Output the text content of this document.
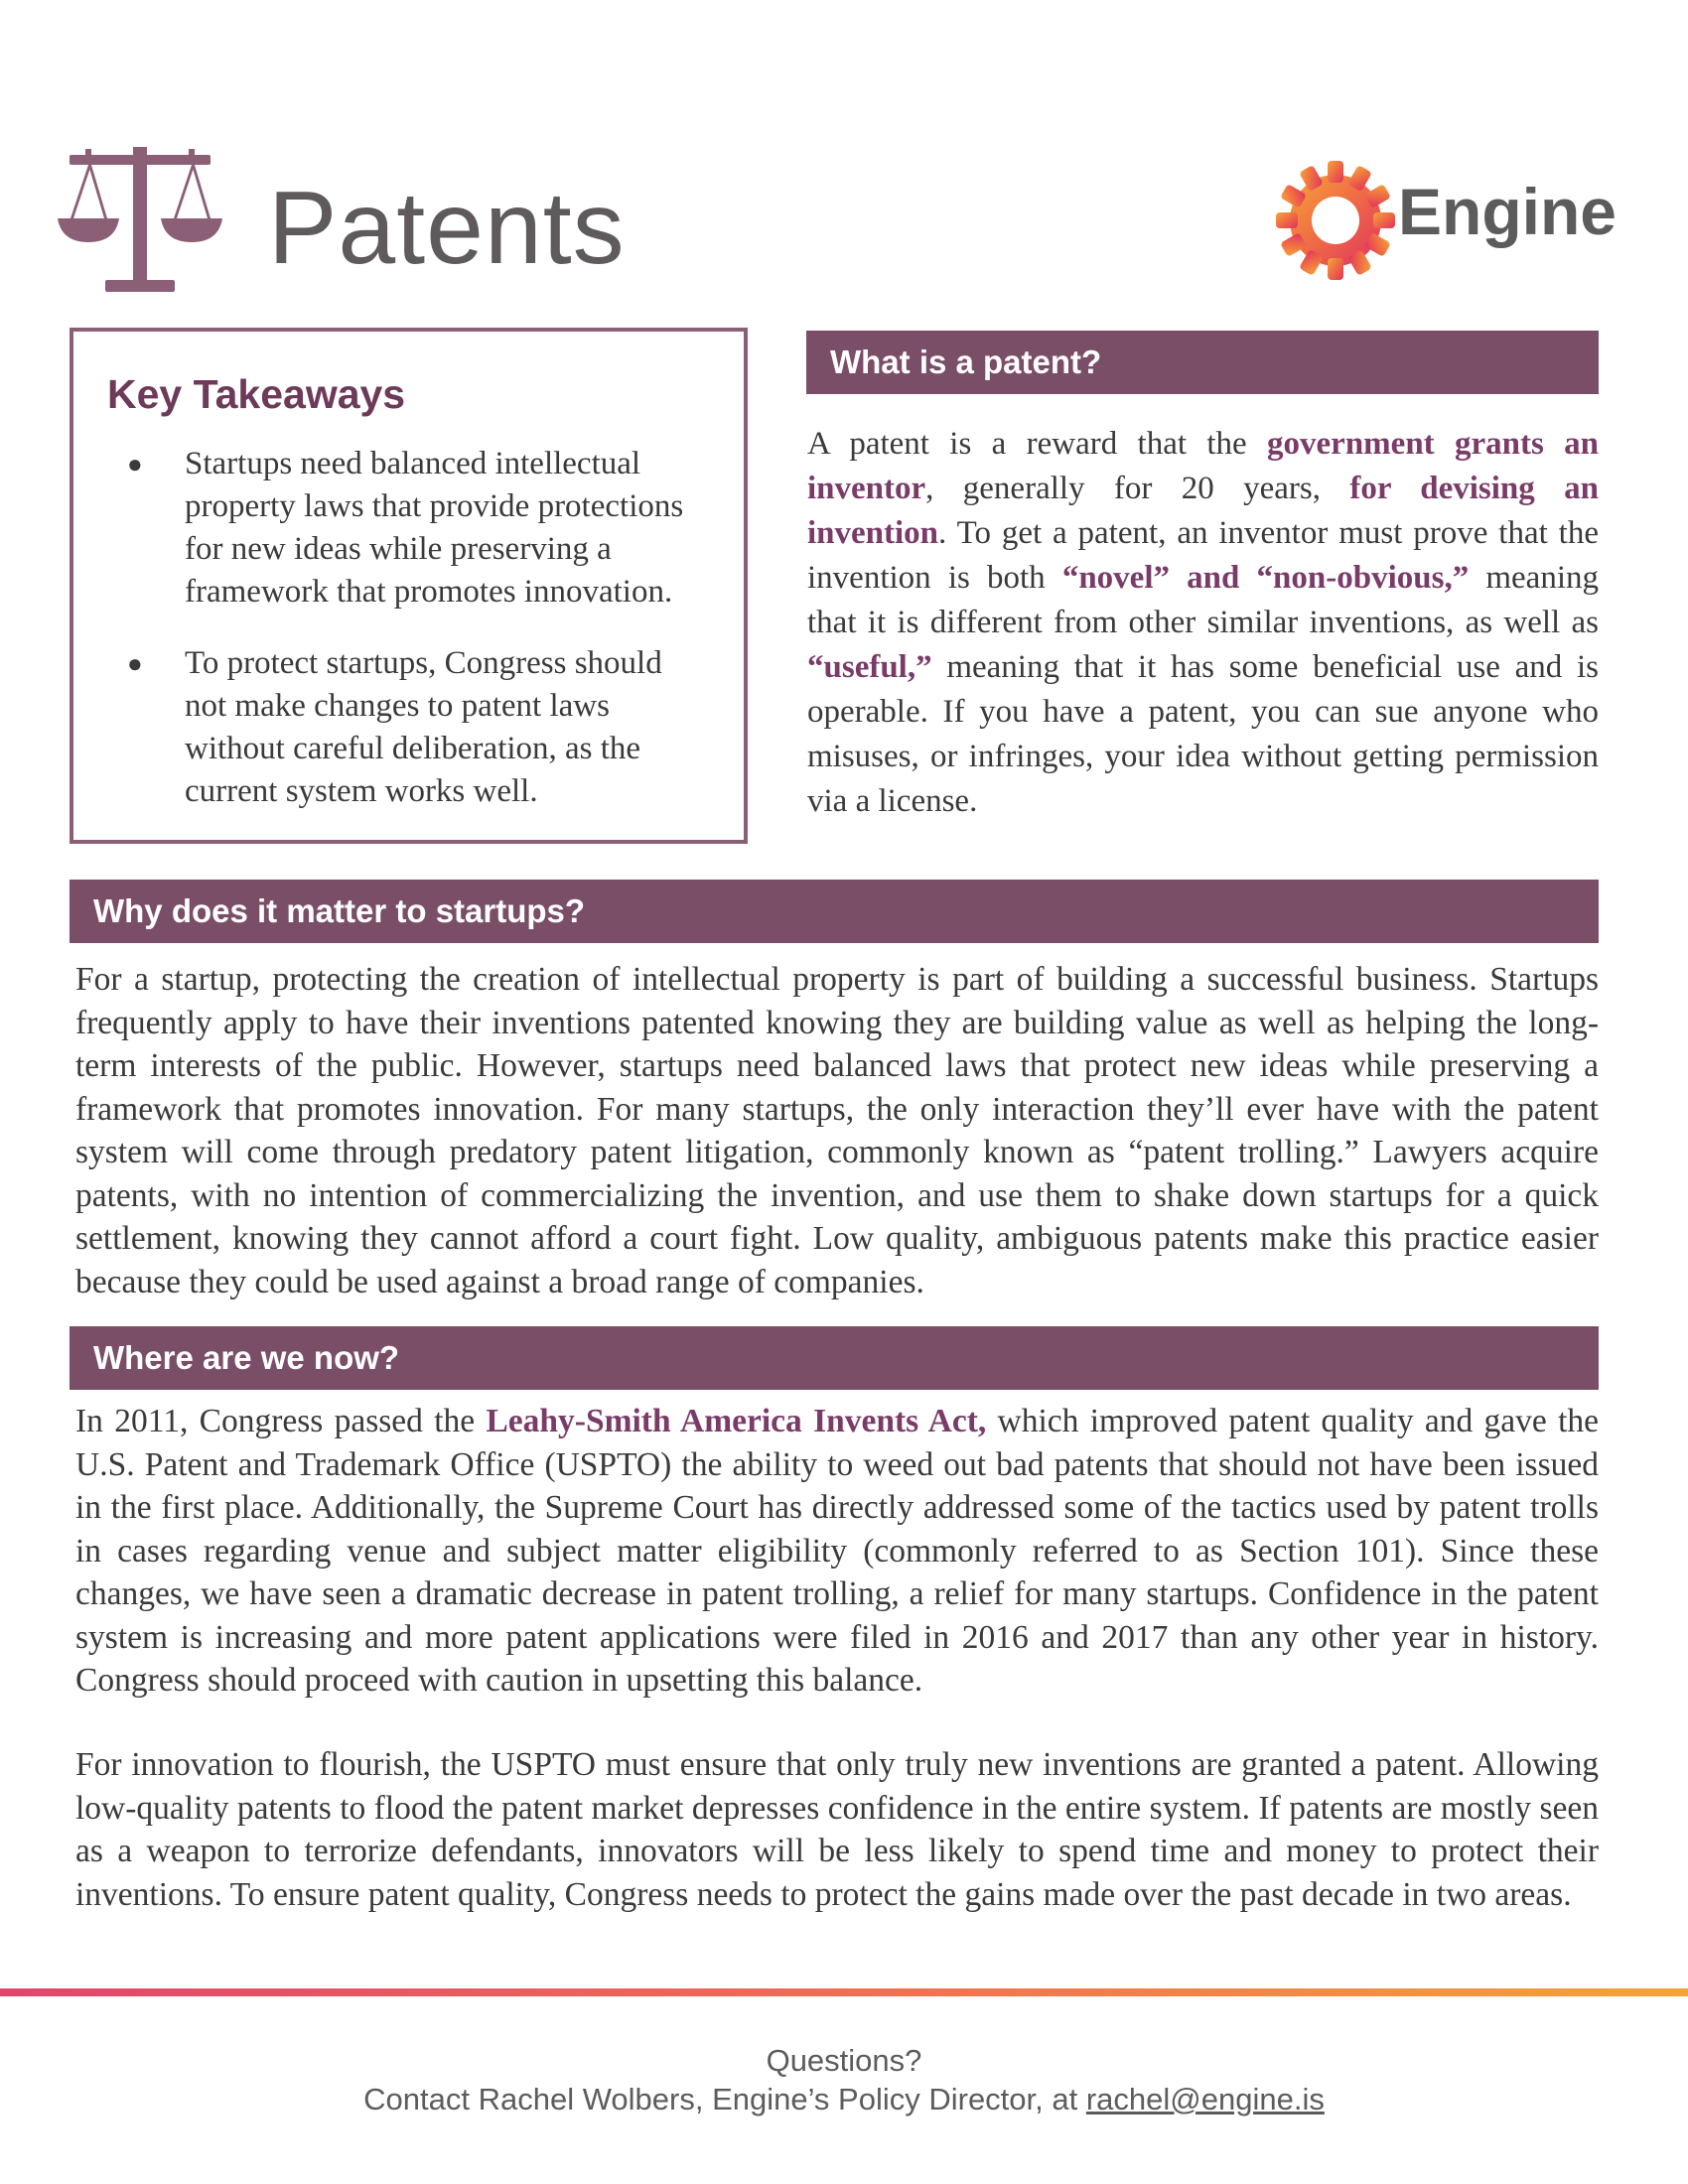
Patents	Engine
Key Takeaways
● Startups need balanced intellectual property laws that provide protections for new ideas while preserving a framework that promotes innovation.
● To protect startups, Congress should not make changes to patent laws without careful deliberation, as the current system works well.
What is a patent?

A patent is a reward that the government grants an inventor, generally for 20 years, for devising an invention. To get a patent, an inventor must prove that the invention is both “novel” and “non-obvious,” meaning that it is different from other similar inventions, as well as “useful,” meaning that it has some beneficial use and is operable. If you have a patent, you can sue anyone who misuses, or infringes, your idea without getting permission via a license.

Why does it matter to startups?

For a startup, protecting the creation of intellectual property is part of building a successful business. Startups frequently apply to have their inventions patented knowing they are building value as well as helping the long-term interests of the public. However, startups need balanced laws that protect new ideas while preserving a framework that promotes innovation. For many startups, the only interaction they’ll ever have with the patent system will come through predatory patent litigation, commonly known as “patent trolling.” Lawyers acquire patents, with no intention of commercializing the invention, and use them to shake down startups for a quick settlement, knowing they cannot afford a court fight. Low quality, ambiguous patents make this practice easier because they could be used against a broad range of companies.

Where are we now?

In 2011, Congress passed the Leahy-Smith America Invents Act, which improved patent quality and gave the U.S. Patent and Trademark Office (USPTO) the ability to weed out bad patents that should not have been issued in the first place. Additionally, the Supreme Court has directly addressed some of the tactics used by patent trolls in cases regarding venue and subject matter eligibility (commonly referred to as Section 101). Since these changes, we have seen a dramatic decrease in patent trolling, a relief for many startups. Confidence in the patent system is increasing and more patent applications were filed in 2016 and 2017 than any other year in history. Congress should proceed with caution in upsetting this balance.

For innovation to flourish, the USPTO must ensure that only truly new inventions are granted a patent. Allowing low-quality patents to flood the patent market depresses confidence in the entire system. If patents are mostly seen as a weapon to terrorize defendants, innovators will be less likely to spend time and money to protect their inventions. To ensure patent quality, Congress needs to protect the gains made over the past decade in two areas.

Questions?
Contact Rachel Wolbers, Engine’s Policy Director, at rachel@engine.is
